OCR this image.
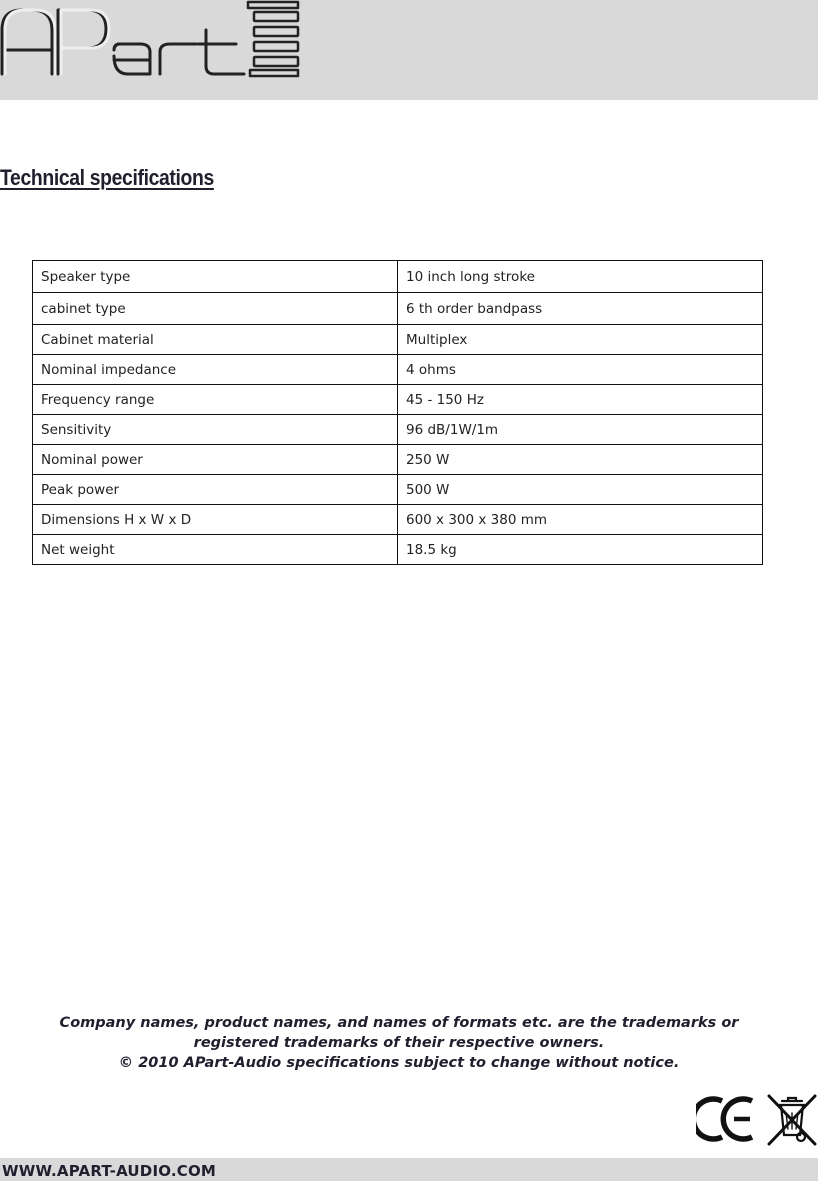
Technical specifications
Speaker type	10 inch long stroke
cabinet type	6 th order bandpass
Cabinet material	Multiplex
Nominal impedance	4 ohms
Frequency range	45 - 150 Hz
Sensitivity	96 dB/1W/1m
Nominal power	250 W
Peak power	500 W
Dimensions H x W x D	600 x 300 x 380 mm
Net weight	18.5 kg
Company names, product names, and names of formats etc. are the trademarks or
registered trademarks of their respective owners.
© 2010 APart-Audio specifications subject to change without notice.
WWW.APART-AUDIO.COM
